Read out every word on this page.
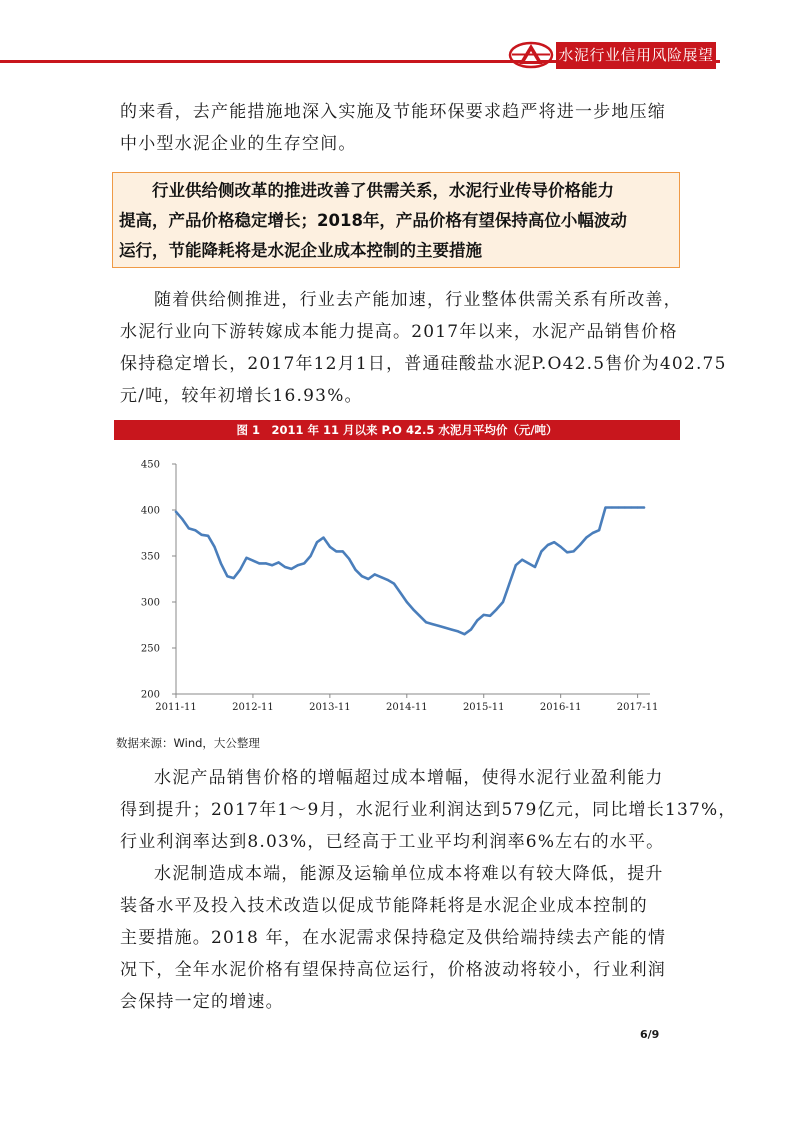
水泥行业信用风险展望
的来看，去产能措施地深入实施及节能环保要求趋严将进一步地压缩
中小型水泥企业的生存空间。
行业供给侧改革的推进改善了供需关系，水泥行业传导价格能力
提高，产品价格稳定增长；2018年，产品价格有望保持高位小幅波动
运行，节能降耗将是水泥企业成本控制的主要措施
随着供给侧推进，行业去产能加速，行业整体供需关系有所改善，
水泥行业向下游转嫁成本能力提高。2017年以来，水泥产品销售价格
保持稳定增长，2017年12月1日，普通硅酸盐水泥P.O42.5售价为402.75
元/吨，较年初增长16.93%。
图 1　2011 年 11 月以来 P.O 42.5 水泥月平均价（元/吨）
200
250
300
350
400
450
2011-11	2012-11	2013-11	2014-11	2015-11	2016-11	2017-11
数据来源：Wind，大公整理
水泥产品销售价格的增幅超过成本增幅，使得水泥行业盈利能力
得到提升；2017年1～9月，水泥行业利润达到579亿元，同比增长137%，
行业利润率达到8.03%，已经高于工业平均利润率6%左右的水平。
水泥制造成本端，能源及运输单位成本将难以有较大降低，提升
装备水平及投入技术改造以促成节能降耗将是水泥企业成本控制的
主要措施。2018 年，在水泥需求保持稳定及供给端持续去产能的情
况下，全年水泥价格有望保持高位运行，价格波动将较小，行业利润
会保持一定的增速。
6/9
